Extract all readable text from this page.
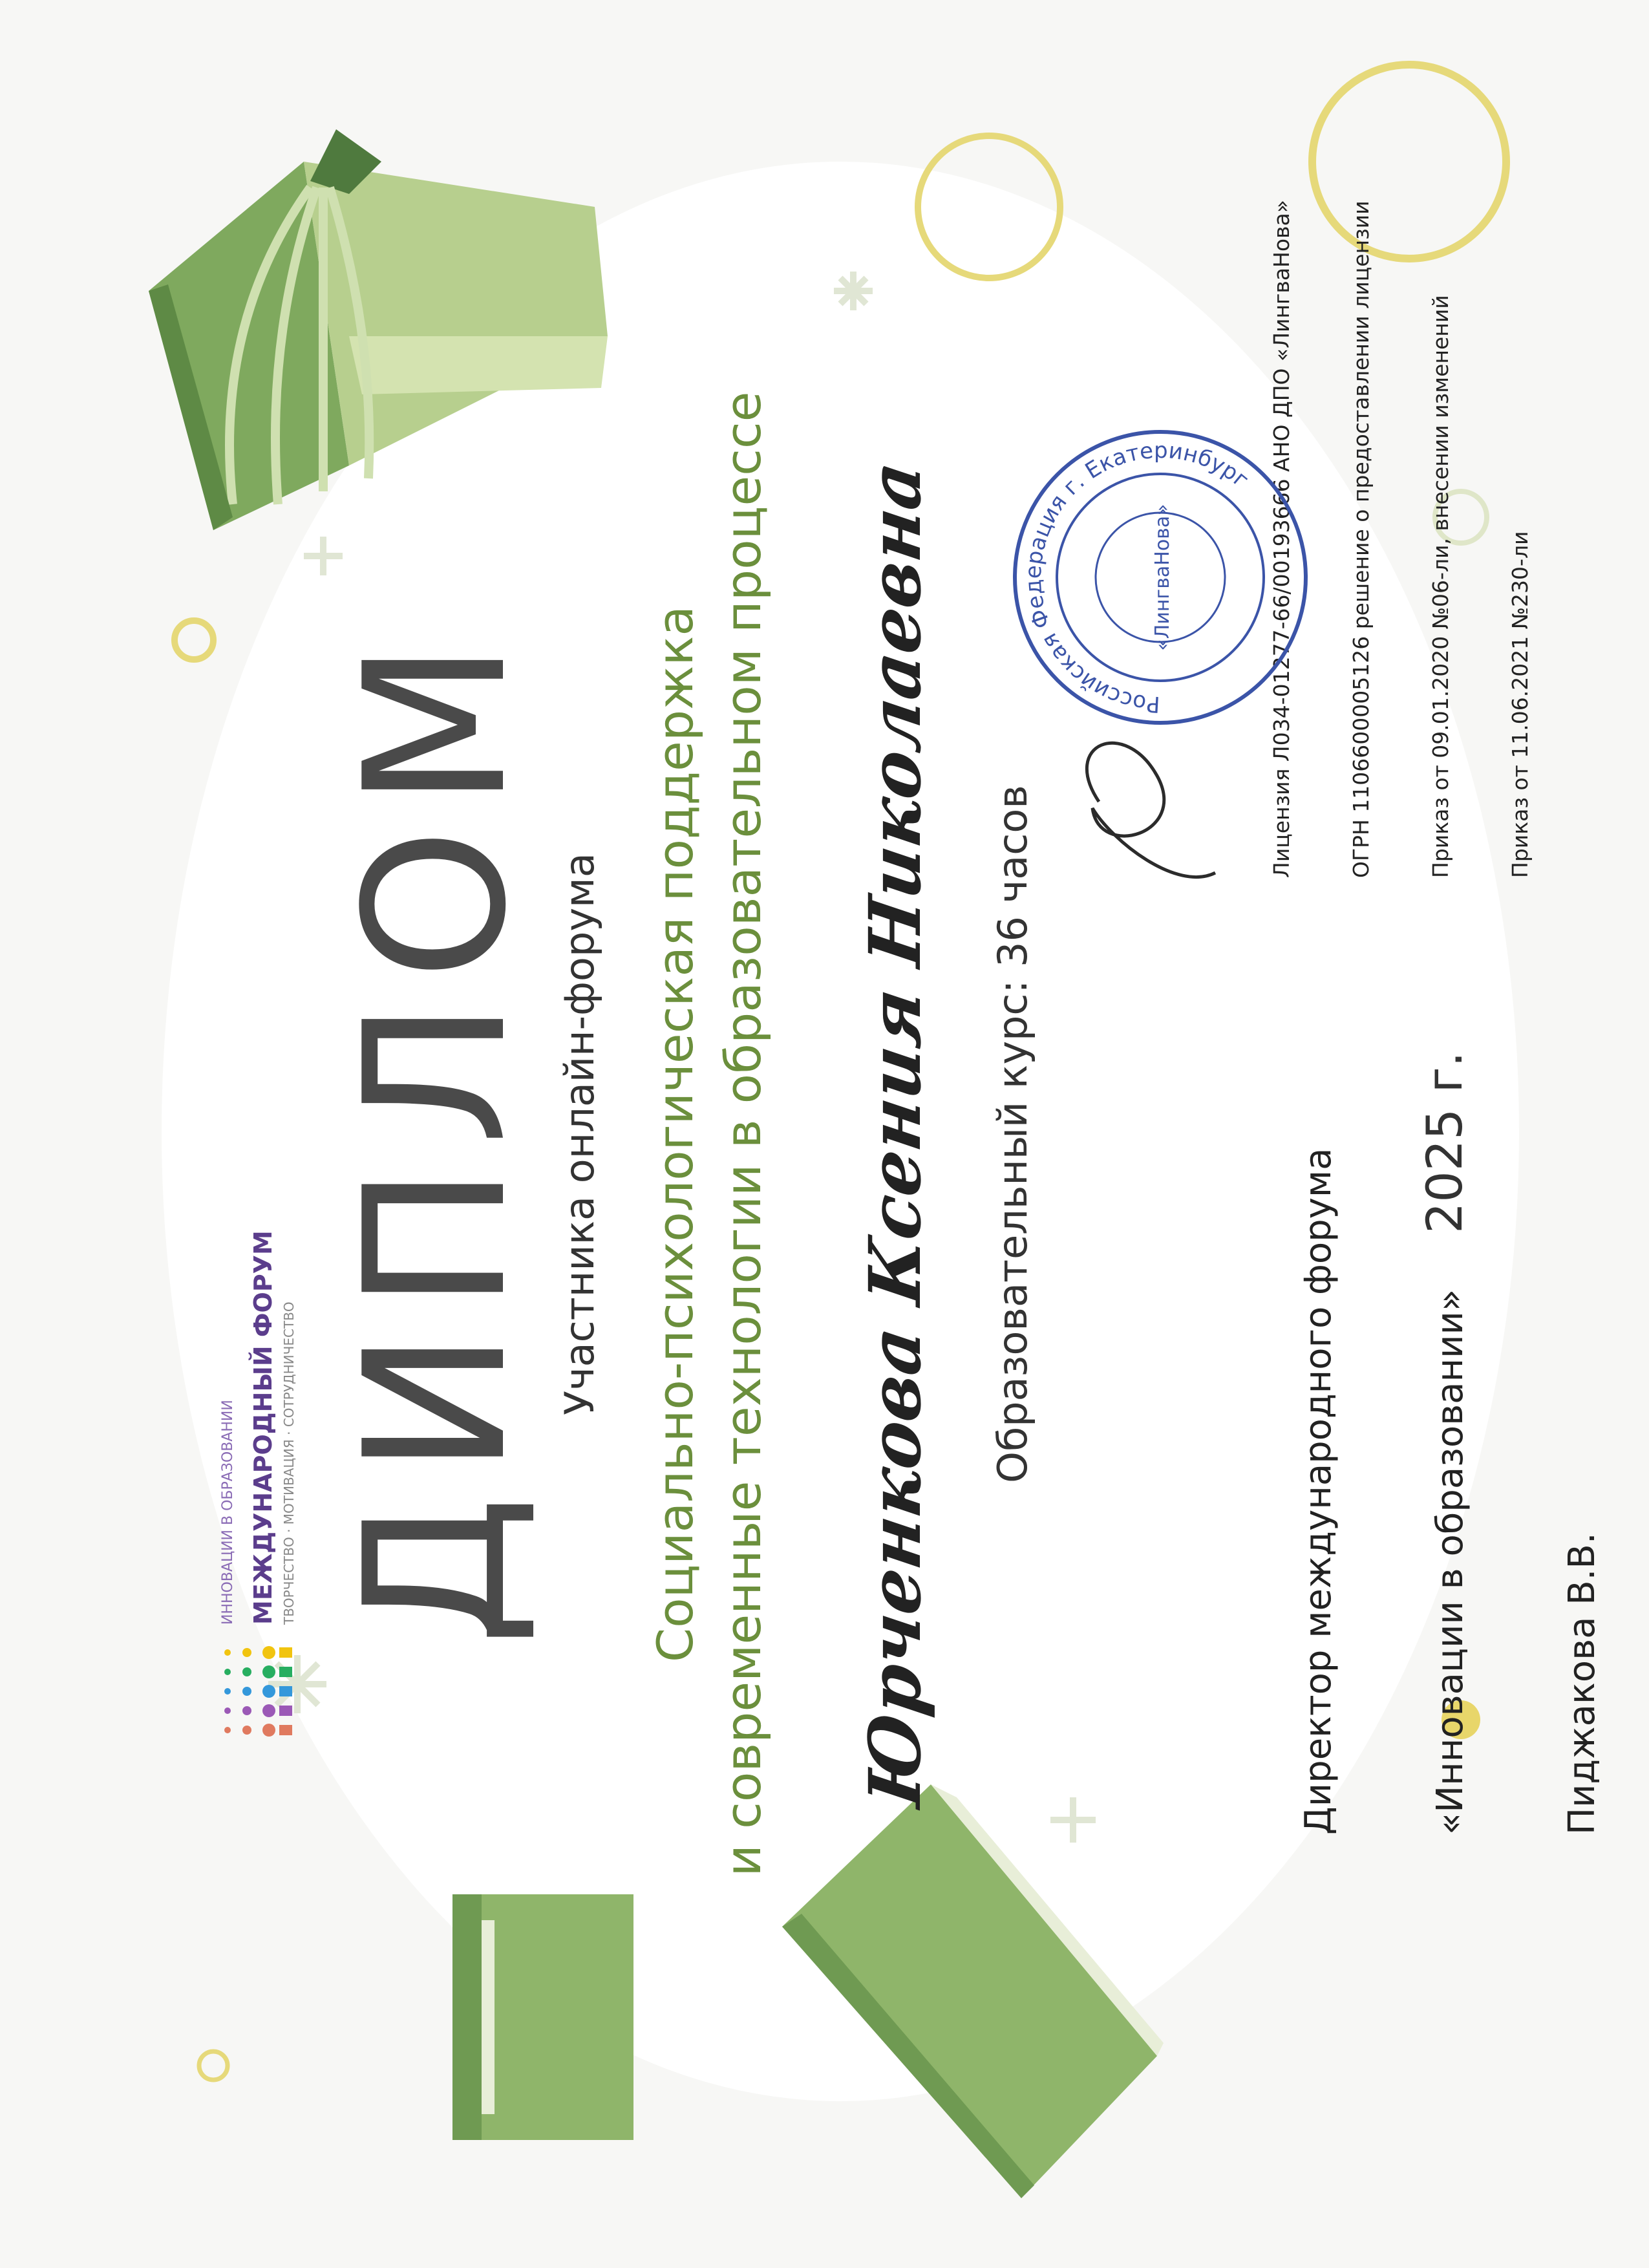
ИННОВАЦИИ В ОБРАЗОВАНИИ МЕЖДУНАРОДНЫЙ ФОРУМ ТВОРЧЕСТВО · МОТИВАЦИЯ · СОТРУДНИЧЕСТВО ДИПЛОМ Участника онлайн-форума Социально-психологическая поддержка и современные технологии в образовательном процессе Юрченкова Ксения Николаевна Образовательный курс: 36 часов

Директор международного форума

«Инновации в образовании»

Пиджакова В.В.

2025 г.

Лицензия Л034-01277-66/00193666 АНО ДПО «ЛингваНова»

	ОГРН 1106600005126 решение о предоставлении лицензии

	Приказ от 09.01.2020 №06-ли, внесении изменений

	Приказ от 11.06.2021 №230-ли

Российская Федерация г. Екатеринбург
«ЛингваНова»
